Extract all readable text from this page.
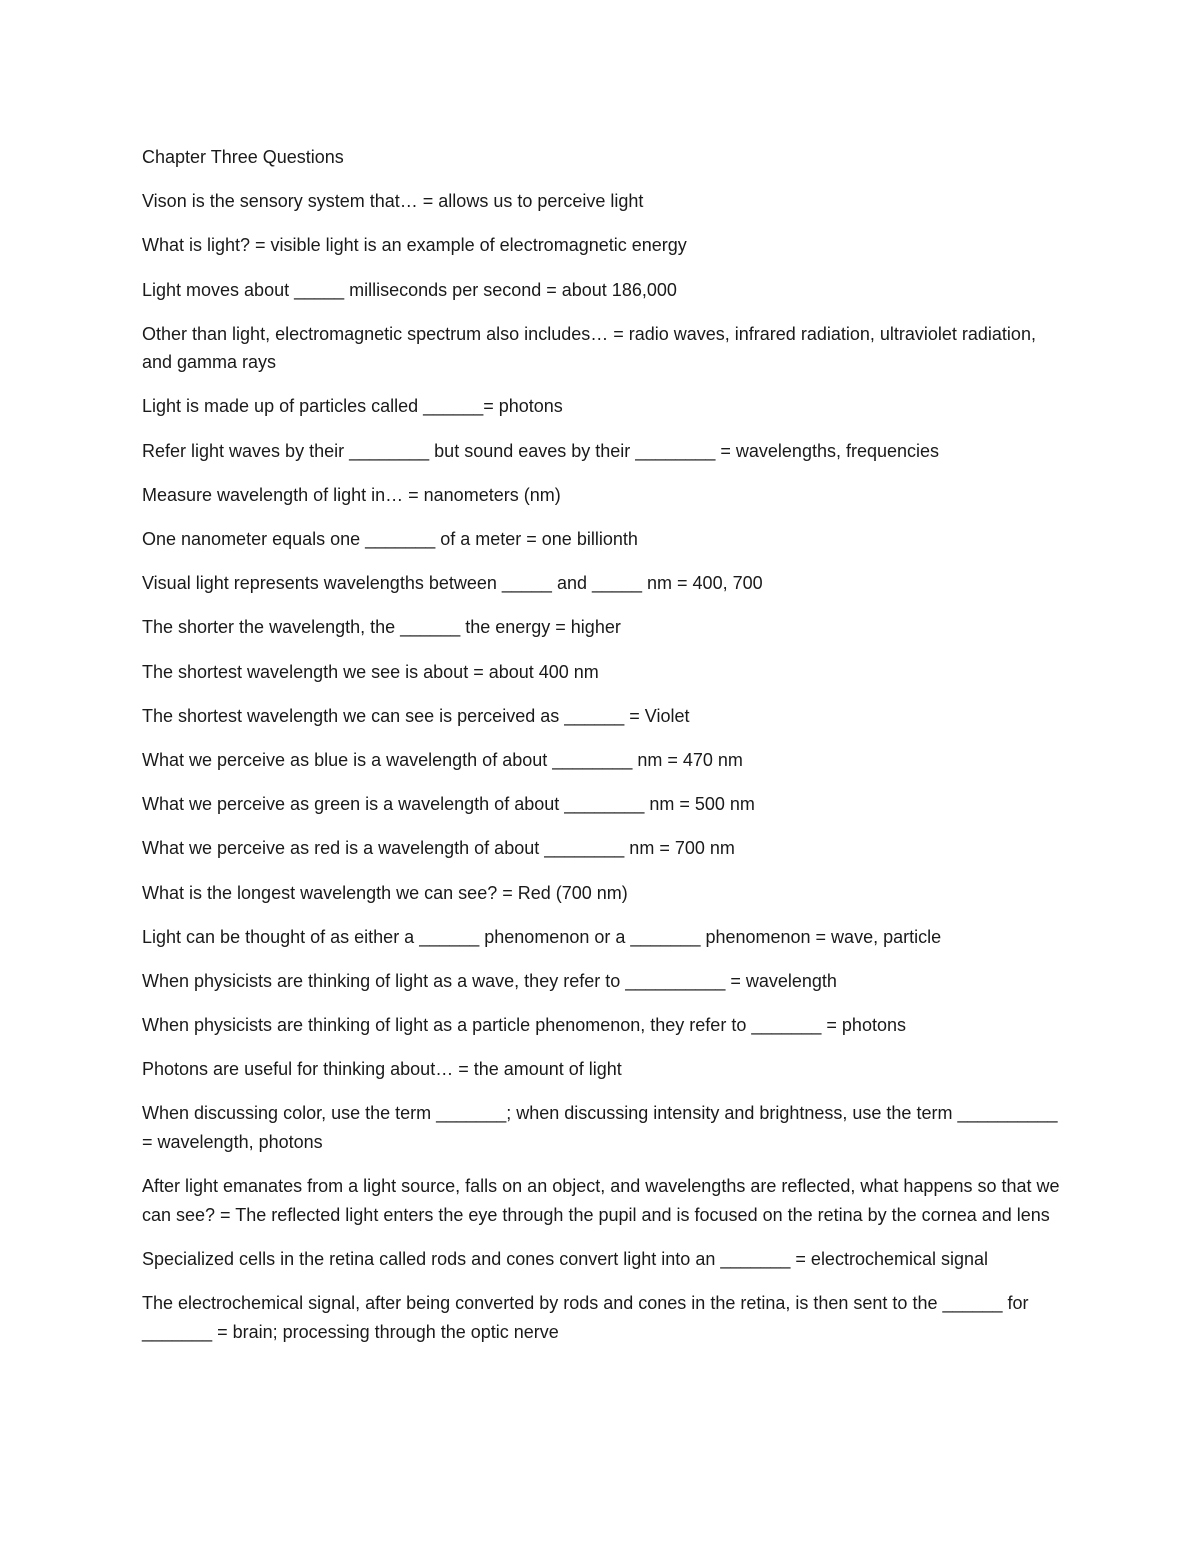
Chapter Three Questions

Vison is the sensory system that… = allows us to perceive light

What is light? = visible light is an example of electromagnetic energy

Light moves about _____ milliseconds per second = about 186,000

Other than light, electromagnetic spectrum also includes… = radio waves, infrared radiation, ultraviolet radiation, and gamma rays

Light is made up of particles called ______= photons

Refer light waves by their ________ but sound eaves by their ________ = wavelengths, frequencies

Measure wavelength of light in… = nanometers (nm)

One nanometer equals one _______ of a meter = one billionth

Visual light represents wavelengths between _____ and _____ nm = 400, 700

The shorter the wavelength, the ______ the energy = higher

The shortest wavelength we see is about = about 400 nm

The shortest wavelength we can see is perceived as ______ = Violet

What we perceive as blue is a wavelength of about ________ nm = 470 nm

What we perceive as green is a wavelength of about ________ nm = 500 nm

What we perceive as red is a wavelength of about ________ nm = 700 nm

What is the longest wavelength we can see? = Red (700 nm)

Light can be thought of as either a ______ phenomenon or a _______ phenomenon = wave, particle

When physicists are thinking of light as a wave, they refer to __________ = wavelength

When physicists are thinking of light as a particle phenomenon, they refer to _______ = photons

Photons are useful for thinking about… = the amount of light

When discussing color, use the term _______; when discussing intensity and brightness, use the term __________ = wavelength, photons

After light emanates from a light source, falls on an object, and wavelengths are reflected, what happens so that we can see? = The reflected light enters the eye through the pupil and is focused on the retina by the cornea and lens

Specialized cells in the retina called rods and cones convert light into an _______ = electrochemical signal

The electrochemical signal, after being converted by rods and cones in the retina, is then sent to the ______ for _______ = brain; processing through the optic nerve
